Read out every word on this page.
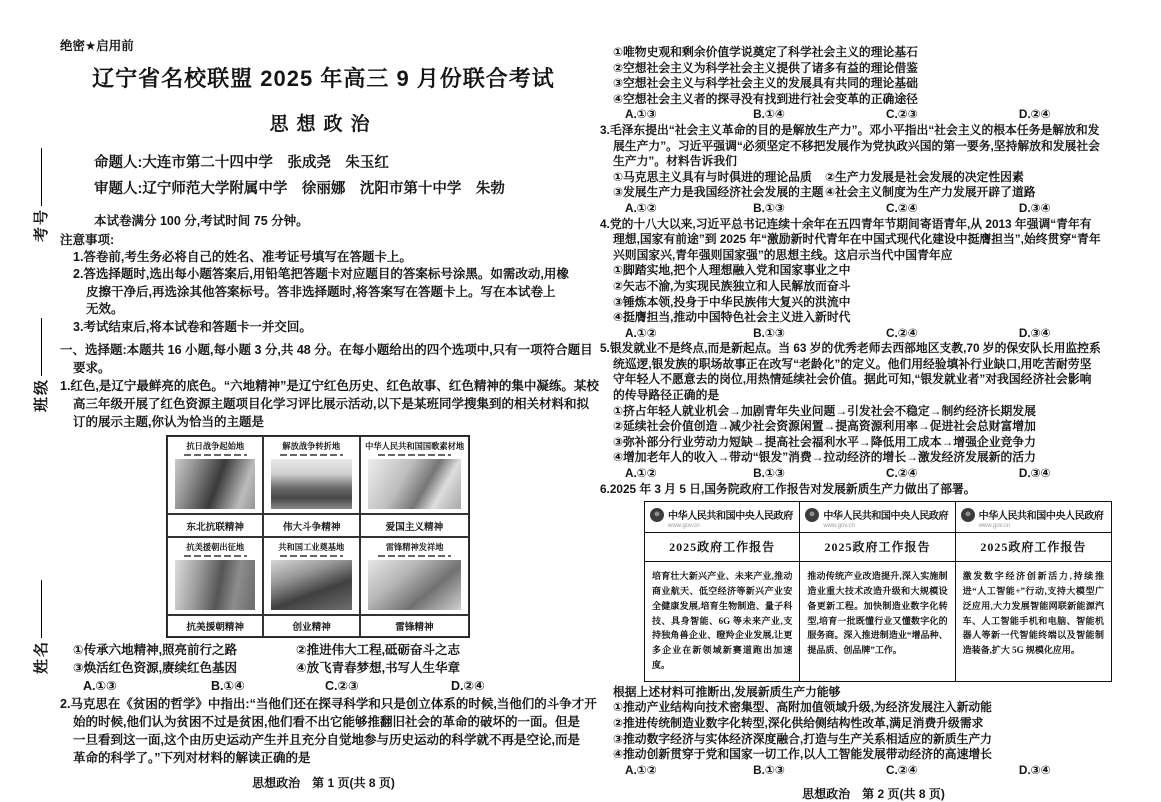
考号
班级
姓名
绝密★启用前
辽宁省名校联盟 2025 年高三 9 月份联合考试
思想政治
命题人:大连市第二十四中学　张成尧　朱玉红
审题人:辽宁师范大学附属中学　徐丽娜　沈阳市第十中学　朱勃
本试卷满分 100 分,考试时间 75 分钟。
注意事项:
1.答卷前,考生务必将自己的姓名、准考证号填写在答题卡上。
2.答选择题时,选出每小题答案后,用铅笔把答题卡对应题目的答案标号涂黑。如需改动,用橡
皮擦干净后,再选涂其他答案标号。答非选择题时,将答案写在答题卡上。写在本试卷上
无效。
3.考试结束后,将本试卷和答题卡一并交回。
一、选择题:本题共 16 小题,每小题 3 分,共 48 分。在每小题给出的四个选项中,只有一项符合题目
要求。
1.红色,是辽宁最鲜亮的底色。“六地精神”是辽宁红色历史、红色故事、红色精神的集中凝练。某校
高三年级开展了红色资源主题项目化学习评比展示活动,以下是某班同学搜集到的相关材料和拟
订的展示主题,你认为恰当的主题是
抗日战争起始地	解放战争转折地	中华人民共和国国歌素材地
东北抗联精神	伟大斗争精神	爱国主义精神
抗美援朝出征地	共和国工业奠基地	雷锋精神发祥地
抗美援朝精神	创业精神	雷锋精神
①传承六地精神,照亮前行之路	②推进伟大工程,砥砺奋斗之志
③焕活红色资源,赓续红色基因	④放飞青春梦想,书写人生华章
A.①③	B.①④	C.②③	D.②④
2.马克思在《贫困的哲学》中指出:“当他们还在探寻科学和只是创立体系的时候,当他们的斗争才开
始的时候,他们认为贫困不过是贫困,他们看不出它能够推翻旧社会的革命的破坏的一面。但是
一旦看到这一面,这个由历史运动产生并且充分自觉地参与历史运动的科学就不再是空论,而是
革命的科学了。”下列对材料的解读正确的是
思想政治　第 1 页(共 8 页)
①唯物史观和剩余价值学说奠定了科学社会主义的理论基石
②空想社会主义为科学社会主义提供了诸多有益的理论借鉴
③空想社会主义与科学社会主义的发展具有共同的理论基础
④空想社会主义者的探寻没有找到进行社会变革的正确途径
A.①③	B.①④	C.②③	D.②④
3.毛泽东提出“社会主义革命的目的是解放生产力”。邓小平指出“社会主义的根本任务是解放和发
展生产力”。习近平强调“必须坚定不移把发展作为党执政兴国的第一要务,坚持解放和发展社会
生产力”。材料告诉我们
①马克思主义具有与时俱进的理论品质	②生产力发展是社会发展的决定性因素
③发展生产力是我国经济社会发展的主题 ④社会主义制度为生产力发展开辟了道路
A.①②	B.①③	C.②④	D.③④
4.党的十八大以来,习近平总书记连续十余年在五四青年节期间寄语青年,从 2013 年强调“青年有
理想,国家有前途”到 2025 年“激励新时代青年在中国式现代化建设中挺膺担当”,始终贯穿“青年
兴则国家兴,青年强则国家强”的思想主线。这启示当代中国青年应
①脚踏实地,把个人理想融入党和国家事业之中
②矢志不渝,为实现民族独立和人民解放而奋斗
③锤炼本领,投身于中华民族伟大复兴的洪流中
④挺膺担当,推动中国特色社会主义进入新时代
A.①②	B.①③	C.②④	D.③④
5.银发就业不是终点,而是新起点。当 63 岁的优秀老师去西部地区支教,70 岁的保安队长用监控系
统巡逻,银发族的职场故事正在改写“老龄化”的定义。他们用经验填补行业缺口,用吃苦耐劳坚
守年轻人不愿意去的岗位,用热情延续社会价值。据此可知,“银发就业者”对我国经济社会影响
的传导路径正确的是
①挤占年轻人就业机会→加剧青年失业问题→引发社会不稳定→制约经济长期发展
②延续社会价值创造→减少社会资源闲置→提高资源利用率→促进社会总财富增加
③弥补部分行业劳动力短缺→提高社会福利水平→降低用工成本→增强企业竞争力
④增加老年人的收入→带动“银发”消费→拉动经济的增长→激发经济发展新的活力
A.①②	B.①③	C.②④	D.③④
6.2025 年 3 月 5 日,国务院政府工作报告对发展新质生产力做出了部署。
中华人民共和国中央人民政府
www.gov.cn
2025政府工作报告
培育壮大新兴产业、未来产业,推动商业航天、低空经济等新兴产业安全健康发展,培育生物制造、量子科技、具身智能、6G 等未来产业,支持独角兽企业、瞪羚企业发展,让更多企业在新领域新赛道跑出加速度。
中华人民共和国中央人民政府
www.gov.cn
2025政府工作报告
推动传统产业改造提升,深入实施制造业重大技术改造升级和大规模设备更新工程。加快制造业数字化转型,培育一批既懂行业又懂数字化的服务商。深入推进制造业“增品种、提品质、创品牌”工作。
中华人民共和国中央人民政府
www.gov.cn
2025政府工作报告
激发数字经济创新活力,持续推进“人工智能+”行动,支持大模型广泛应用,大力发展智能网联新能源汽车、人工智能手机和电脑、智能机器人等新一代智能终端以及智能制造装备,扩大 5G 规模化应用。
根据上述材料可推断出,发展新质生产力能够
①推动产业结构向技术密集型、高附加值领域升级,为经济发展注入新动能
②推进传统制造业数字化转型,深化供给侧结构性改革,满足消费升级需求
③推动数字经济与实体经济深度融合,打造与生产关系相适应的新质生产力
④推动创新贯穿于党和国家一切工作,以人工智能发展带动经济的高速增长
A.①②	B.①③	C.②④	D.③④
思想政治　第 2 页(共 8 页)
